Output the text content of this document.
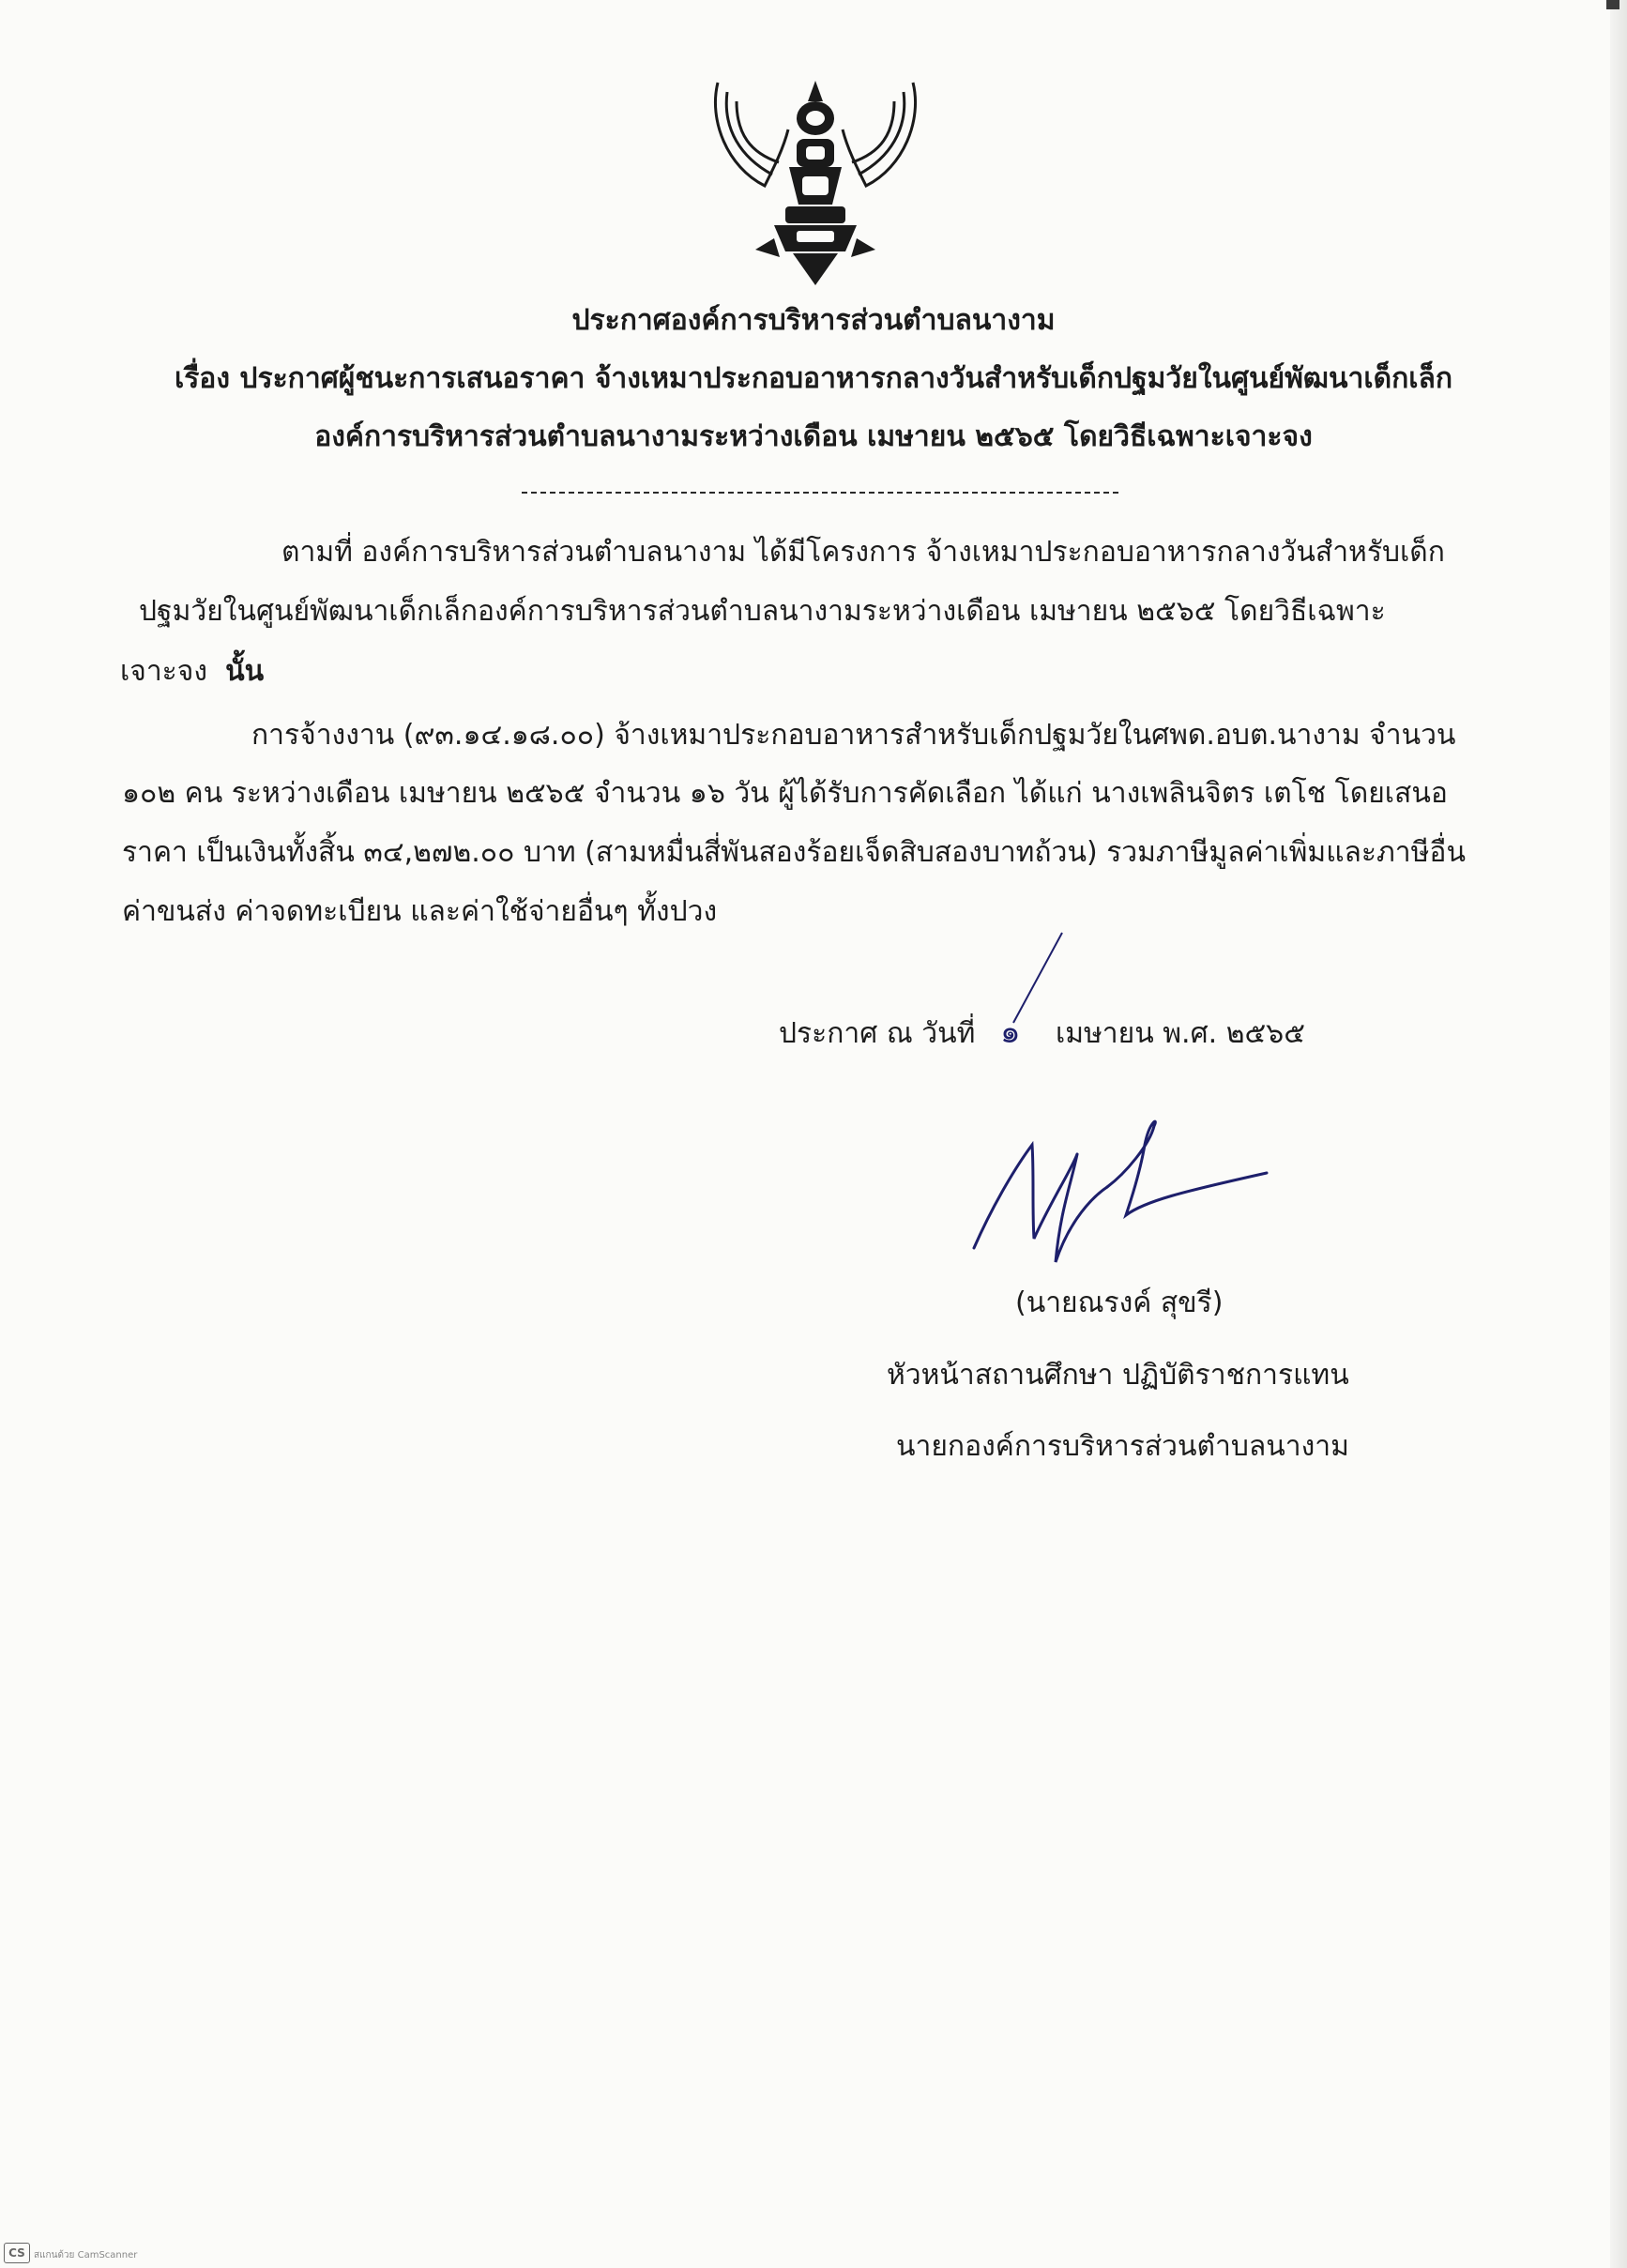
ประกาศองค์การบริหารส่วนตำบลนางาม
เรื่อง ประกาศผู้ชนะการเสนอราคา จ้างเหมาประกอบอาหารกลางวันสำหรับเด็กปฐมวัยในศูนย์พัฒนาเด็กเล็ก
องค์การบริหารส่วนตำบลนางามระหว่างเดือน เมษายน ๒๕๖๕ โดยวิธีเฉพาะเจาะจง
ตามที่ องค์การบริหารส่วนตำบลนางาม ได้มีโครงการ จ้างเหมาประกอบอาหารกลางวันสำหรับเด็ก
ปฐมวัยในศูนย์พัฒนาเด็กเล็กองค์การบริหารส่วนตำบลนางามระหว่างเดือน เมษายน ๒๕๖๕ โดยวิธีเฉพาะ
เจาะจง นั้น
การจ้างงาน (๙๓.๑๔.๑๘.๐๐) จ้างเหมาประกอบอาหารสำหรับเด็กปฐมวัยในศพด.อบต.นางาม จำนวน
๑๐๒ คน ระหว่างเดือน เมษายน ๒๕๖๕ จำนวน ๑๖ วัน ผู้ได้รับการคัดเลือก ได้แก่ นางเพลินจิตร เตโช โดยเสนอ
ราคา เป็นเงินทั้งสิ้น ๓๔,๒๗๒.๐๐ บาท (สามหมื่นสี่พันสองร้อยเจ็ดสิบสองบาทถ้วน) รวมภาษีมูลค่าเพิ่มและภาษีอื่น
ค่าขนส่ง ค่าจดทะเบียน และค่าใช้จ่ายอื่นๆ ทั้งปวง
ประกาศ ณ วันที่ ๑ เมษายน พ.ศ. ๒๕๖๕
(นายณรงค์ สุขรี)
หัวหน้าสถานศึกษา ปฏิบัติราชการแทน
นายกองค์การบริหารส่วนตำบลนางาม
CS สแกนด้วย CamScanner
